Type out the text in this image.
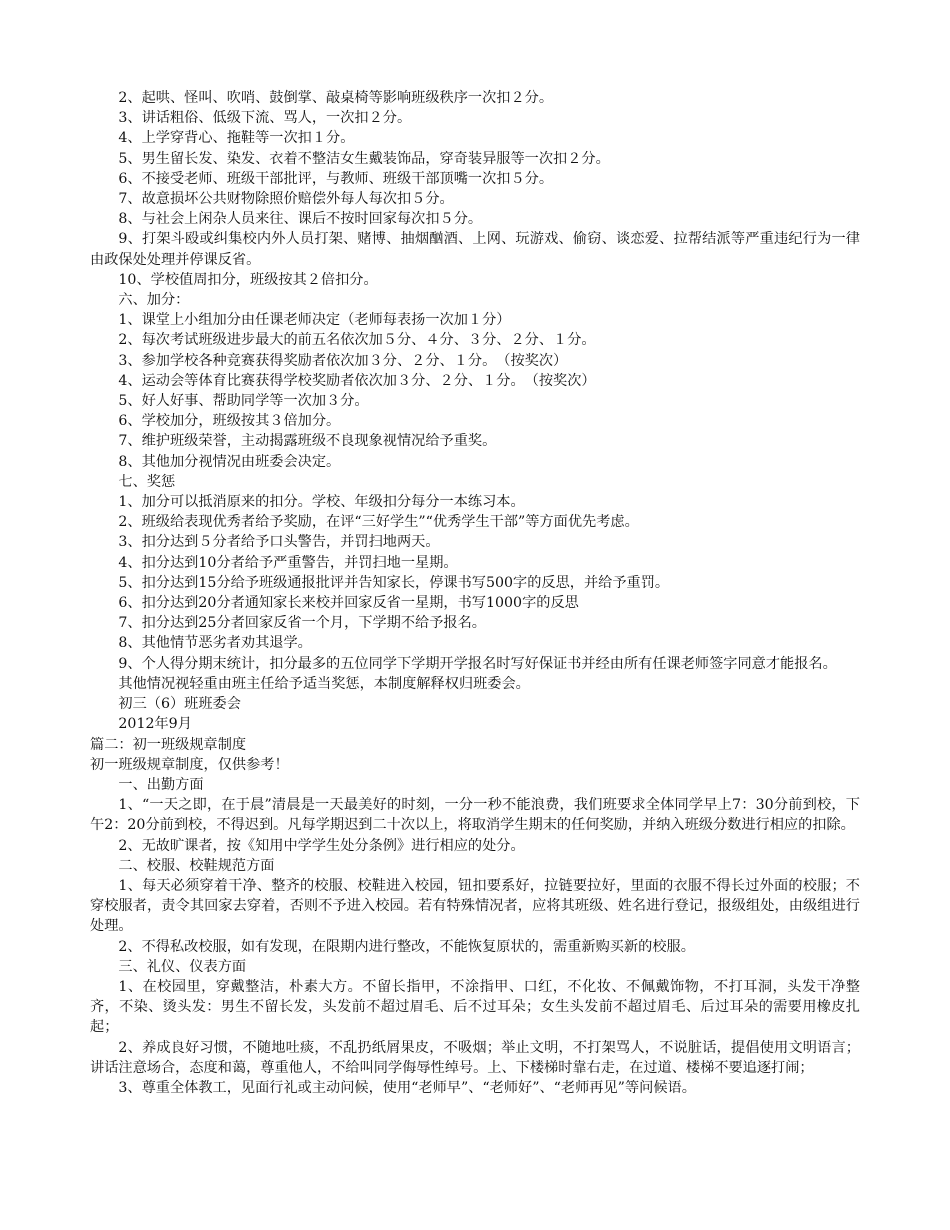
2、起哄、怪叫、吹哨、鼓倒掌、敲桌椅等影响班级秩序一次扣２分。

3、讲话粗俗、低级下流、骂人，一次扣２分。

4、上学穿背心、拖鞋等一次扣１分。

5、男生留长发、染发、衣着不整洁女生戴装饰品，穿奇装异服等一次扣２分。

6、不接受老师、班级干部批评，与教师、班级干部顶嘴一次扣５分。

7、故意损坏公共财物除照价赔偿外每人每次扣５分。

8、与社会上闲杂人员来往、课后不按时回家每次扣５分。

9、打架斗殴或纠集校内外人员打架、赌博、抽烟酗酒、上网、玩游戏、偷窃、谈恋爱、拉帮结派等严重违纪行为一律由政保处处理并停课反省。

10、学校值周扣分，班级按其２倍扣分。

六、加分：

1、课堂上小组加分由任课老师决定（老师每表扬一次加１分）

2、每次考试班级进步最大的前五名依次加５分、４分、３分、２分、１分。

3、参加学校各种竞赛获得奖励者依次加３分、２分、１分。　（按奖次）

4、运动会等体育比赛获得学校奖励者依次加３分、２分、１分。　（按奖次）

5、好人好事、帮助同学等一次加３分。

6、学校加分，班级按其３倍加分。

7、维护班级荣誉，主动揭露班级不良现象视情况给予重奖。

8、其他加分视情况由班委会决定。

七、奖惩

1、加分可以抵消原来的扣分。学校、年级扣分每分一本练习本。

2、班级给表现优秀者给予奖励，在评“三好学生”“优秀学生干部”等方面优先考虑。

3、扣分达到５分者给予口头警告，并罚扫地两天。

4、扣分达到10分者给予严重警告，并罚扫地一星期。

5、扣分达到15分给予班级通报批评并告知家长，停课书写500字的反思，并给予重罚。

6、扣分达到20分者通知家长来校并回家反省一星期，书写1000字的反思

7、扣分达到25分者回家反省一个月，下学期不给予报名。

8、其他情节恶劣者劝其退学。

9、个人得分期末统计，扣分最多的五位同学下学期开学报名时写好保证书并经由所有任课老师签字同意才能报名。

其他情况视轻重由班主任给予适当奖惩，本制度解释权归班委会。

初三（6）班班委会

2012年9月

篇二：初一班级规章制度

初一班级规章制度，仅供参考！

一、出勤方面

1、“一天之即，在于晨”清晨是一天最美好的时刻，一分一秒不能浪费，我们班要求全体同学早上7：30分前到校，下午2：20分前到校，不得迟到。凡每学期迟到二十次以上，将取消学生期末的任何奖励，并纳入班级分数进行相应的扣除。

2、无故旷课者，按《知用中学学生处分条例》进行相应的处分。

二、校服、校鞋规范方面

1、每天必须穿着干净、整齐的校服、校鞋进入校园，钮扣要系好，拉链要拉好，里面的衣服不得长过外面的校服；不穿校服者，责令其回家去穿着，否则不予进入校园。若有特殊情况者，应将其班级、姓名进行登记，报级组处，由级组进行处理。

2、不得私改校服，如有发现，在限期内进行整改，不能恢复原状的，需重新购买新的校服。

三、礼仪、仪表方面

1、在校园里，穿戴整洁，朴素大方。不留长指甲，不涂指甲、口红，不化妆、不佩戴饰物，不打耳洞，头发干净整齐，不染、烫头发：男生不留长发，头发前不超过眉毛、后不过耳朵；女生头发前不超过眉毛、后过耳朵的需要用橡皮扎起；

2、养成良好习惯，不随地吐痰，不乱扔纸屑果皮，不吸烟；举止文明，不打架骂人，不说脏话，提倡使用文明语言；讲话注意场合，态度和蔼，尊重他人，不给叫同学侮辱性绰号。上、下楼梯时靠右走，在过道、楼梯不要追逐打闹；

3、尊重全体教工，见面行礼或主动问候，使用“老师早”、“老师好”、“老师再见”等问候语。
